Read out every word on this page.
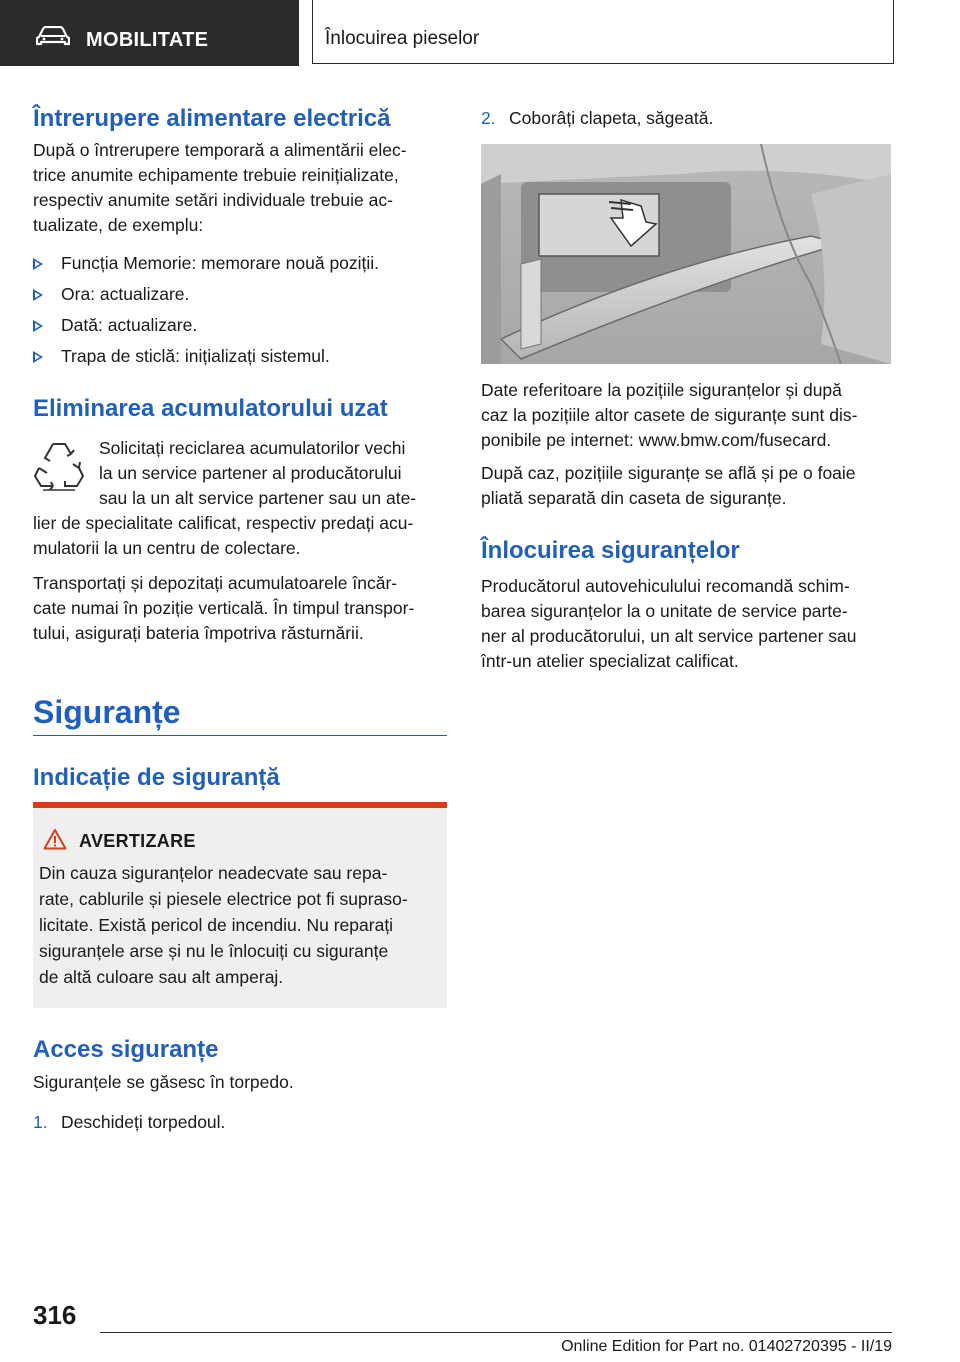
MOBILITATE	Înlocuirea pieselor
Întrerupere alimentare electrică

După o întrerupere temporară a alimentării elec-

trice anumite echipamente trebuie reinițializate,

respectiv anumite setări individuale trebuie ac-

tualizate, de exemplu:

Funcția Memorie: memorare nouă poziții.
Ora: actualizare.
Dată: actualizare.
Trapa de sticlă: inițializați sistemul.
Eliminarea acumulatorului uzat

Solicitați reciclarea acumulatorilor vechi

la un service partener al producătorului

sau la un alt service partener sau un ate-

lier de specialitate calificat, respectiv predați acu-

mulatorii la un centru de colectare.

Transportați și depozitați acumulatoarele încăr-

cate numai în poziție verticală. În timpul transpor-

tului, asigurați bateria împotriva răsturnării.

Siguranțe
Indicație de siguranță
AVERTIZARE

Din cauza siguranțelor neadecvate sau repa-

rate, cablurile și piesele electrice pot fi supraso-

licitate. Există pericol de incendiu. Nu reparați

siguranțele arse și nu le înlocuiți cu siguranțe

de altă culoare sau alt amperaj.

Acces siguranțe

Siguranțele se găsesc în torpedo.

1. Deschideți torpedoul.

2. Coborâți clapeta, săgeată.

Date referitoare la pozițiile siguranțelor și după

caz la pozițiile altor casete de siguranțe sunt dis-

ponibile pe internet: www.bmw.com/fusecard.

După caz, pozițiile siguranțe se află și pe o foaie

pliată separată din caseta de siguranțe.

Înlocuirea siguranțelor

Producătorul autovehiculului recomandă schim-

barea siguranțelor la o unitate de service parte-

ner al producătorului, un alt service partener sau

într-un atelier specializat calificat.

316
Online Edition for Part no. 01402720395 - II/19
